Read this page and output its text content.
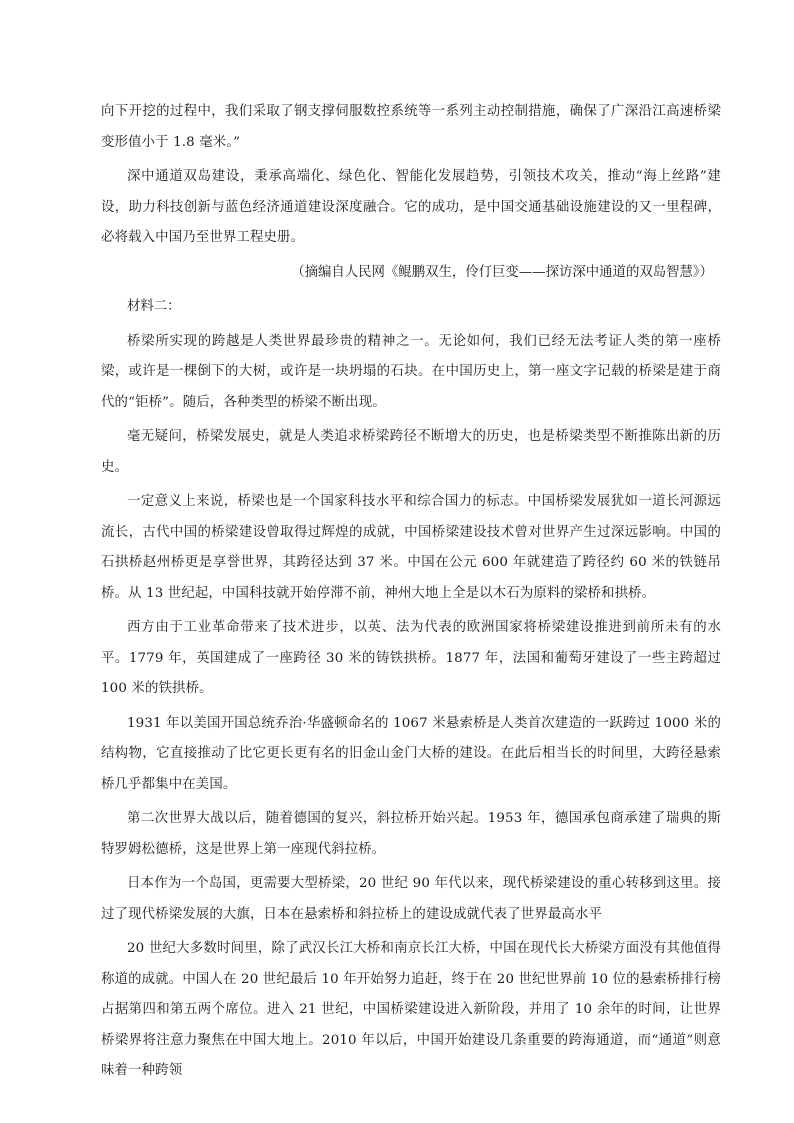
向下开挖的过程中，我们采取了钢支撑伺服数控系统等一系列主动控制措施，确保了广深沿江高速桥梁变形值小于 1.8 毫米。”

深中通道双岛建设，秉承高端化、绿色化、智能化发展趋势，引领技术攻关，推动“海上丝路”建设，助力科技创新与蓝色经济通道建设深度融合。它的成功，是中国交通基础设施建设的又一里程碑，必将载入中国乃至世界工程史册。

（摘编自人民网《鲲鹏双生，伶仃巨变——探访深中通道的双岛智慧》）

材料二：

桥梁所实现的跨越是人类世界最珍贵的精神之一。无论如何，我们已经无法考证人类的第一座桥梁，或许是一棵倒下的大树，或许是一块坍塌的石块。在中国历史上，第一座文字记载的桥梁是建于商代的“钜桥”。随后，各种类型的桥梁不断出现。

毫无疑问，桥梁发展史，就是人类追求桥梁跨径不断增大的历史，也是桥梁类型不断推陈出新的历史。

一定意义上来说，桥梁也是一个国家科技水平和综合国力的标志。中国桥梁发展犹如一道长河源远流长，古代中国的桥梁建设曾取得过辉煌的成就，中国桥梁建设技术曾对世界产生过深远影响。中国的石拱桥赵州桥更是享誉世界，其跨径达到 37 米。中国在公元 600 年就建造了跨径约 60 米的铁链吊桥。从 13 世纪起，中国科技就开始停滞不前，神州大地上全是以木石为原料的梁桥和拱桥。

西方由于工业革命带来了技术进步，以英、法为代表的欧洲国家将桥梁建设推进到前所未有的水平。1779 年，英国建成了一座跨径 30 米的铸铁拱桥。1877 年，法国和葡萄牙建设了一些主跨超过 100 米的铁拱桥。

1931 年以美国开国总统乔治·华盛顿命名的 1067 米悬索桥是人类首次建造的一跃跨过 1000 米的结构物，它直接推动了比它更长更有名的旧金山金门大桥的建设。在此后相当长的时间里，大跨径悬索桥几乎都集中在美国。

第二次世界大战以后，随着德国的复兴，斜拉桥开始兴起。1953 年，德国承包商承建了瑞典的斯特罗姆松德桥，这是世界上第一座现代斜拉桥。

日本作为一个岛国，更需要大型桥梁，20 世纪 90 年代以来，现代桥梁建设的重心转移到这里。接过了现代桥梁发展的大旗，日本在悬索桥和斜拉桥上的建设成就代表了世界最高水平

20 世纪大多数时间里，除了武汉长江大桥和南京长江大桥，中国在现代长大桥梁方面没有其他值得称道的成就。中国人在 20 世纪最后 10 年开始努力追赶，终于在 20 世纪世界前 10 位的悬索桥排行榜占据第四和第五两个席位。进入 21 世纪，中国桥梁建设进入新阶段，并用了 10 余年的时间，让世界桥梁界将注意力聚焦在中国大地上。2010 年以后，中国开始建设几条重要的跨海通道，而“通道”则意味着一种跨领
